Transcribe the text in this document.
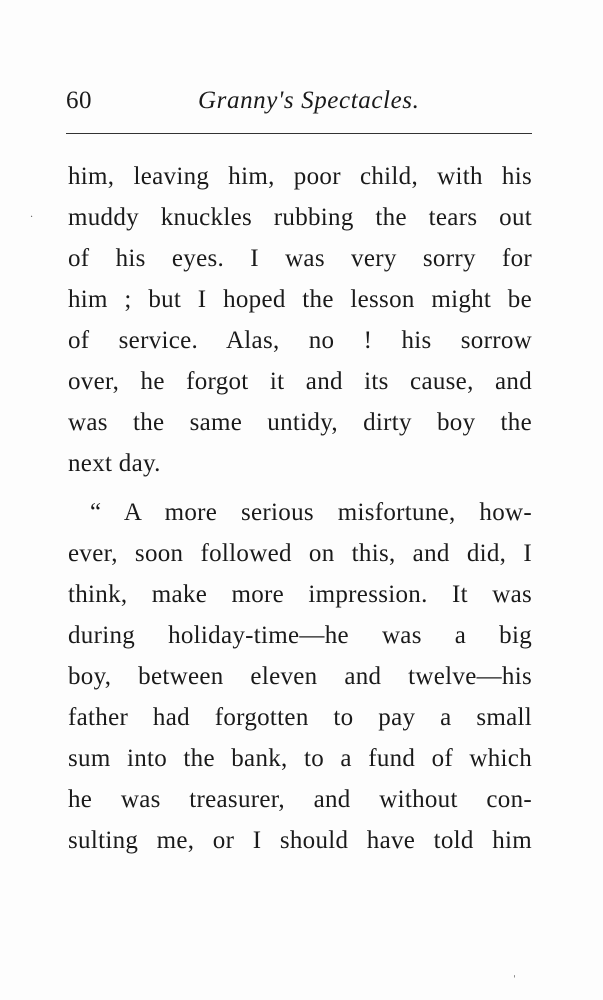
60	Granny's Spectacles.
him, leaving him, poor child, with his
muddy knuckles rubbing the tears out
of his eyes. I was very sorry for
him ; but I hoped the lesson might be
of service. Alas, no ! his sorrow
over, he forgot it and its cause, and
was the same untidy, dirty boy the
next day.
“ A more serious misfortune, how-
ever, soon followed on this, and did, I
think, make more impression. It was
during holiday-time—he was a big
boy, between eleven and twelve—his
father had forgotten to pay a small
sum into the bank, to a fund of which
he was treasurer, and without con-
sulting me, or I should have told him
·
ˌ
